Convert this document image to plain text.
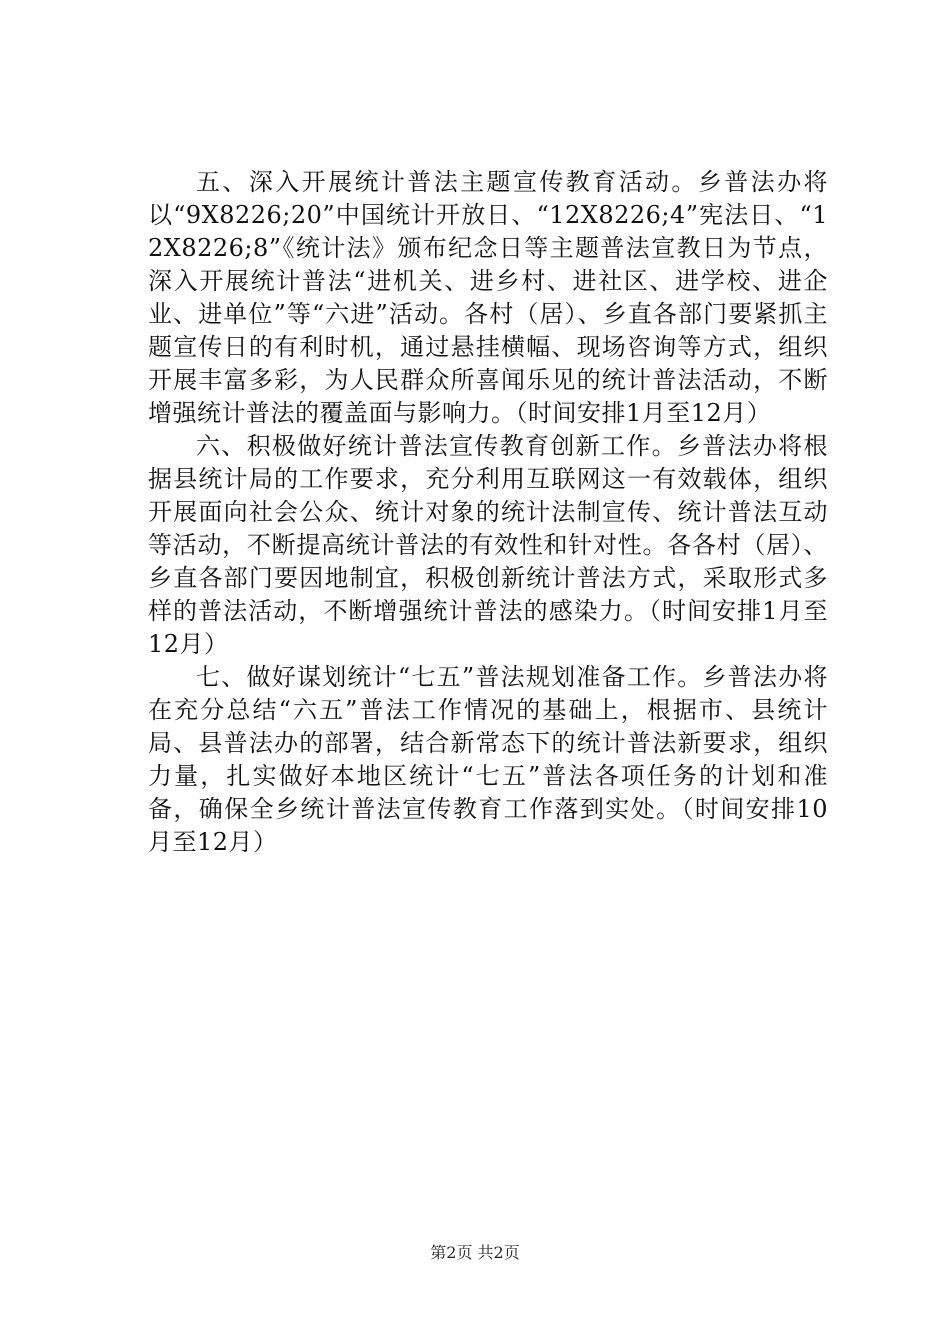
五、深入开展统计普法主题宣传教育活动。乡普法办将以“9X8226;20”中国统计开放日、“12X8226;4”宪法日、“12X8226;8”《统计法》颁布纪念日等主题普法宣教日为节点，深入开展统计普法“进机关、进乡村、进社区、进学校、进企业、进单位”等“六进”活动。各村（居）、乡直各部门要紧抓主题宣传日的有利时机，通过悬挂横幅、现场咨询等方式，组织开展丰富多彩，为人民群众所喜闻乐见的统计普法活动，不断增强统计普法的覆盖面与影响力。（时间安排1月至12月）

六、积极做好统计普法宣传教育创新工作。乡普法办将根据县统计局的工作要求，充分利用互联网这一有效载体，组织开展面向社会公众、统计对象的统计法制宣传、统计普法互动等活动，不断提高统计普法的有效性和针对性。各各村（居）、乡直各部门要因地制宜，积极创新统计普法方式，采取形式多样的普法活动，不断增强统计普法的感染力。（时间安排1月至12月）

七、做好谋划统计“七五”普法规划准备工作。乡普法办将在充分总结“六五”普法工作情况的基础上，根据市、县统计局、县普法办的部署，结合新常态下的统计普法新要求，组织力量，扎实做好本地区统计“七五”普法各项任务的计划和准备，确保全乡统计普法宣传教育工作落到实处。（时间安排10月至12月）

第2页 共2页
